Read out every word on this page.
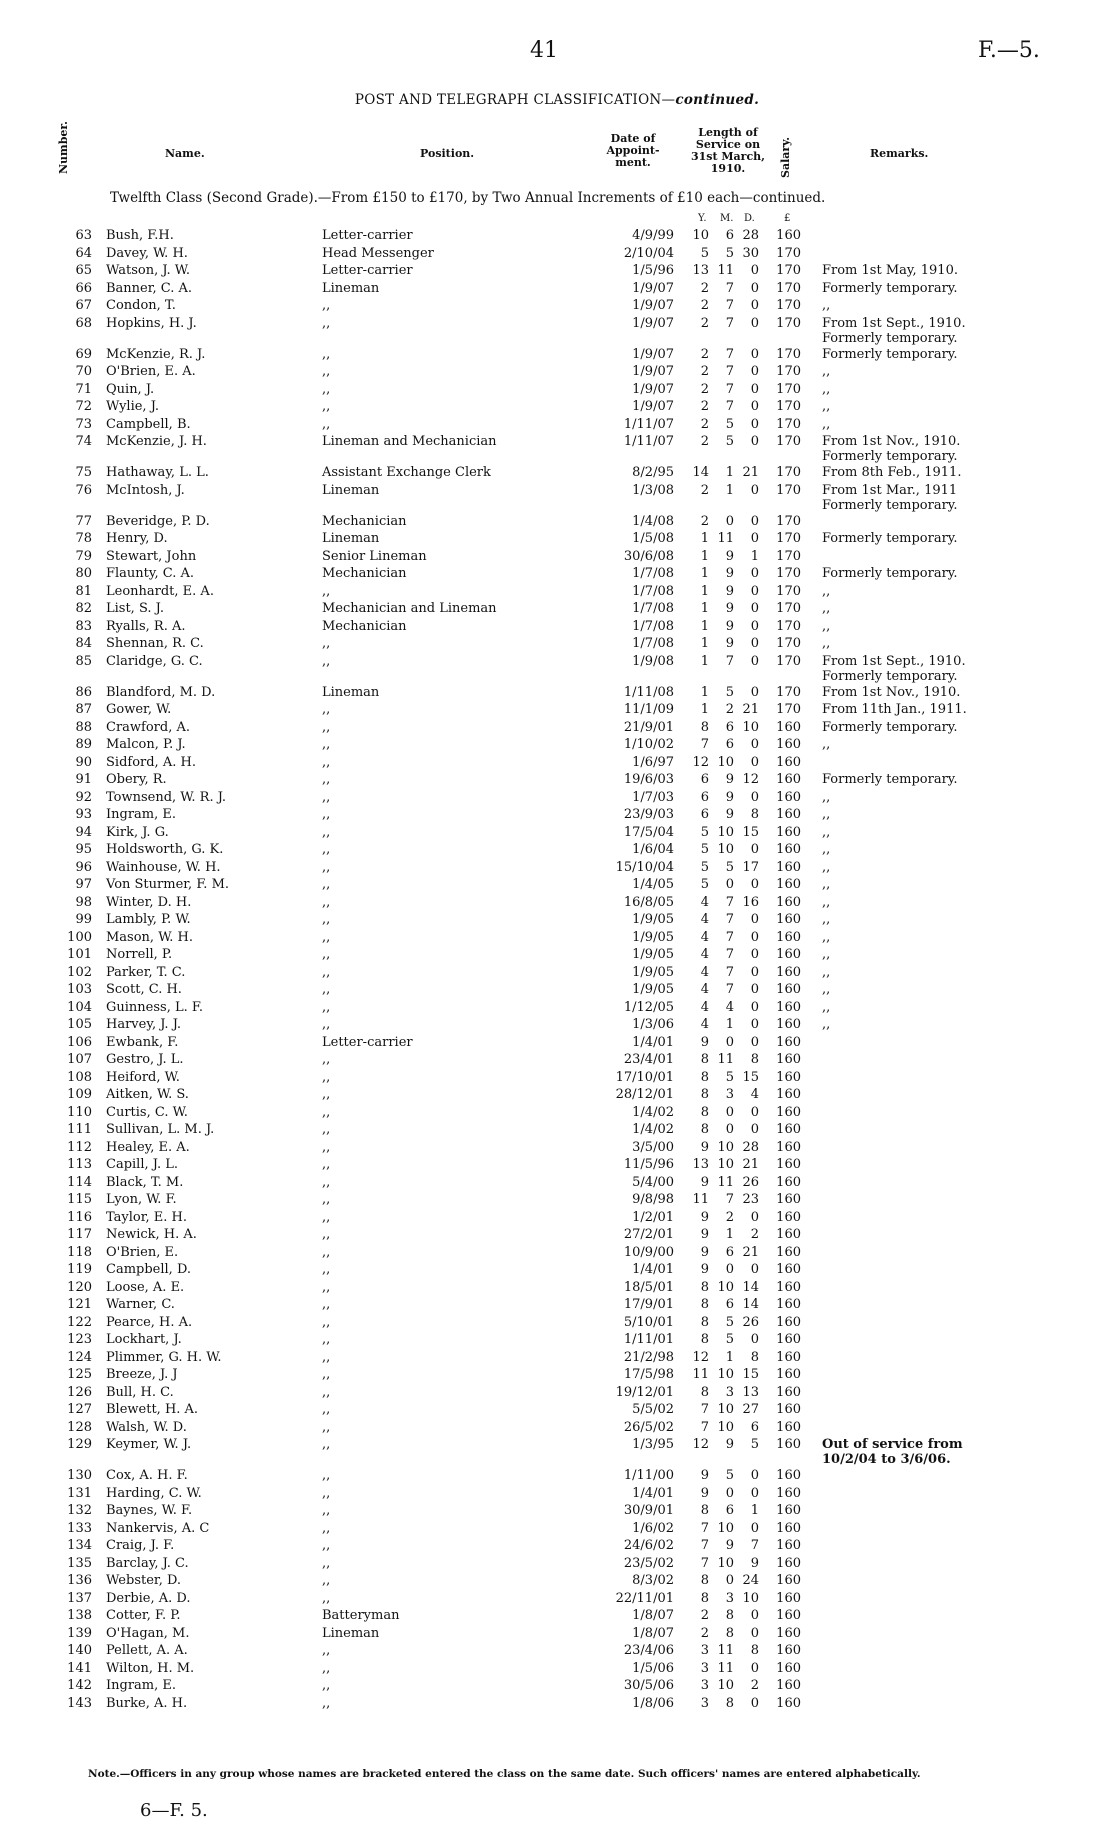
41	F.—5.
POST AND TELEGRAPH CLASSIFICATION—continued.
Number.	Name.	Position.
Date of Appoint- ment.
Length of Service on 31st March, 1910.	Salary.	Remarks.
Twelfth Class (Second Grade).—From £150 to £170, by Two Annual Increments of £10 each—continued.
Y. M. D.	£
63 Bush, F.H.	Letter-carrier	4/9/99	10	6 28 160
64 Davey, W. H.	Head Messenger	2/10/04	5	5 30 170
65 Watson, J. W.	Letter-carrier	1/5/96	13 11	0 170 From 1st May, 1910.
66 Banner, C. A.	Lineman	1/9/07	2	7	0 170 Formerly temporary.
67 Condon, T.	,,	1/9/07	2	7	0 170 ,,
68 Hopkins, H. J.	,,	1/9/07	2	7	0 170 From 1st Sept., 1910. Formerly temporary.
69 McKenzie, R. J.	,,	1/9/07	2	7	0 170 Formerly temporary.
70 O'Brien, E. A.	,,	1/9/07	2	7	0 170 ,,
71 Quin, J.	,,	1/9/07	2	7	0 170 ,,
72 Wylie, J.	,,	1/9/07	2	7	0 170 ,,
73 Campbell, B.	,,	1/11/07	2	5	0 170 ,,
74 McKenzie, J. H.	Lineman and Mechanician	1/11/07	2	5	0 170 From 1st Nov., 1910. Formerly temporary.
75 Hathaway, L. L.	Assistant Exchange Clerk	8/2/95	14	1 21 170 From 8th Feb., 1911.
76 McIntosh, J.	Lineman	1/3/08	2	1	0 170 From 1st Mar., 1911 Formerly temporary.
77 Beveridge, P. D.	Mechanician	1/4/08	2	0	0 170
78 Henry, D.	Lineman	1/5/08	1 11	0 170 Formerly temporary.
79 Stewart, John	Senior Lineman	30/6/08	1	9	1 170
80 Flaunty, C. A.	Mechanician	1/7/08	1	9	0 170 Formerly temporary.
81 Leonhardt, E. A.	,,	1/7/08	1	9	0 170 ,,
82 List, S. J.	Mechanician and Lineman	1/7/08	1	9	0 170 ,,
83 Ryalls, R. A.	Mechanician	1/7/08	1	9	0 170 ,,
84 Shennan, R. C.	,,	1/7/08	1	9	0 170 ,,
85 Claridge, G. C.	,,	1/9/08	1	7	0 170 From 1st Sept., 1910. Formerly temporary.
86 Blandford, M. D.	Lineman	1/11/08	1	5	0 170 From 1st Nov., 1910.
87 Gower, W.	,,	11/1/09	1	2 21 170 From 11th Jan., 1911.
88 Crawford, A.	,,	21/9/01	8	6 10 160 Formerly temporary.
89 Malcon, P. J.	,,	1/10/02	7	6	0 160 ,,
90 Sidford, A. H.	,,	1/6/97	12 10	0 160
91 Obery, R.	,,	19/6/03	6	9 12 160 Formerly temporary.
92 Townsend, W. R. J.	,,	1/7/03	6	9	0 160 ,,
93 Ingram, E.	,,	23/9/03	6	9	8 160 ,,
94 Kirk, J. G.	,,	17/5/04	5 10 15 160 ,,
95 Holdsworth, G. K.	,,	1/6/04	5 10	0 160 ,,
96 Wainhouse, W. H.	,,	15/10/04	5	5 17 160 ,,
97 Von Sturmer, F. M.	,,	1/4/05	5	0	0 160 ,,
98 Winter, D. H.	,,	16/8/05	4	7 16 160 ,,
99 Lambly, P. W.	,,	1/9/05	4	7	0 160 ,,
100 Mason, W. H.	,,	1/9/05	4	7	0 160 ,,
101 Norrell, P.	,,	1/9/05	4	7	0 160 ,,
102 Parker, T. C.	,,	1/9/05	4	7	0 160 ,,
103 Scott, C. H.	,,	1/9/05	4	7	0 160 ,,
104 Guinness, L. F.	,,	1/12/05	4	4	0 160 ,,
105 Harvey, J. J.	,,	1/3/06	4	1	0 160 ,,
106 Ewbank, F.	Letter-carrier	1/4/01	9	0	0 160
107 Gestro, J. L.	,,	23/4/01	8 11	8 160
108 Heiford, W.	,,	17/10/01	8	5 15 160
109 Aitken, W. S.	,,	28/12/01	8	3	4 160
110 Curtis, C. W.	,,	1/4/02	8	0	0 160
111 Sullivan, L. M. J.	,,	1/4/02	8	0	0 160
112 Healey, E. A.	,,	3/5/00	9 10 28 160
113 Capill, J. L.	,,	11/5/96	13 10 21 160
114 Black, T. M.	,,	5/4/00	9 11 26 160
115 Lyon, W. F.	,,	9/8/98	11	7 23 160
116 Taylor, E. H.	,,	1/2/01	9	2	0 160
117 Newick, H. A.	,,	27/2/01	9	1	2 160
118 O'Brien, E.	,,	10/9/00	9	6 21 160
119 Campbell, D.	,,	1/4/01	9	0	0 160
120 Loose, A. E.	,,	18/5/01	8 10 14 160
121 Warner, C.	,,	17/9/01	8	6 14 160
122 Pearce, H. A.	,,	5/10/01	8	5 26 160
123 Lockhart, J.	,,	1/11/01	8	5	0 160
124 Plimmer, G. H. W.	,,	21/2/98	12	1	8 160
125 Breeze, J. J	,,	17/5/98	11 10 15 160
126 Bull, H. C.	,,	19/12/01	8	3 13 160
127 Blewett, H. A.	,,	5/5/02	7 10 27 160
128 Walsh, W. D.	,,	26/5/02	7 10	6 160
129 Keymer, W. J.	,,	1/3/95	12	9	5 160 Out of service from 10/2/04 to 3/6/06.
130 Cox, A. H. F.	,,	1/11/00	9	5	0 160
131 Harding, C. W.	,,	1/4/01	9	0	0 160
132 Baynes, W. F.	,,	30/9/01	8	6	1 160
133 Nankervis, A. C	,,	1/6/02	7 10	0 160
134 Craig, J. F.	,,	24/6/02	7	9	7 160
135 Barclay, J. C.	,,	23/5/02	7 10	9 160
136 Webster, D.	,,	8/3/02	8	0 24 160
137 Derbie, A. D.	,,	22/11/01	8	3 10 160
138 Cotter, F. P.	Batteryman	1/8/07	2	8	0 160
139 O'Hagan, M.	Lineman	1/8/07	2	8	0 160
140 Pellett, A. A.	,,	23/4/06	3 11	8 160
141 Wilton, H. M.	,,	1/5/06	3 11	0 160
142 Ingram, E.	,,	30/5/06	3 10	2 160
143 Burke, A. H.	,,	1/8/06	3	8	0 160
Note.—Officers in any group whose names are bracketed entered the class on the same date. Such officers' names are entered alphabetically.
6—F. 5.
